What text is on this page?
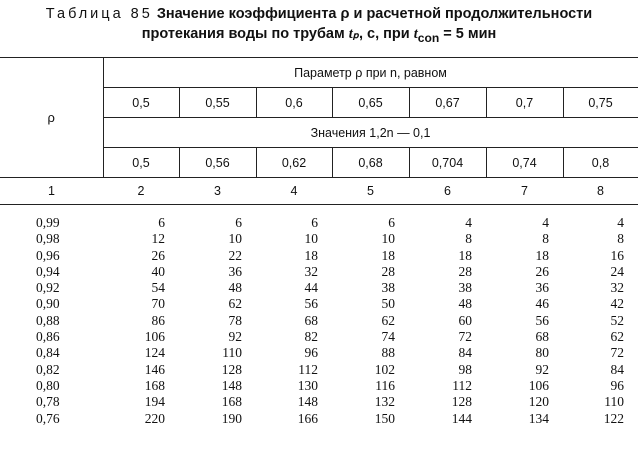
Таблица 85 Значение коэффициента ρ и расчетной продолжительности
протекания воды по трубам tₚ, с, при $t_{con} = 5$ мин
ρ	Параметр ρ при n, равном						
	0,5	0,55	0,6	0,65	0,67	0,7	0,75
	Значения 1,2n — 0,1						
	0,5	0,56	0,62	0,68	0,704	0,74	0,8
1	2	3	4	5	6	7	8

0,99	6	6	6	6	4	4	4
0,98	12	10	10	10	8	8	8
0,96	26	22	18	18	18	18	16
0,94	40	36	32	28	28	26	24
0,92	54	48	44	38	38	36	32
0,90	70	62	56	50	48	46	42
0,88	86	78	68	62	60	56	52
0,86	106	92	82	74	72	68	62
0,84	124	110	96	88	84	80	72
0,82	146	128	112	102	98	92	84
0,80	168	148	130	116	112	106	96
0,78	194	168	148	132	128	120	110
0,76	220	190	166	150	144	134	122
